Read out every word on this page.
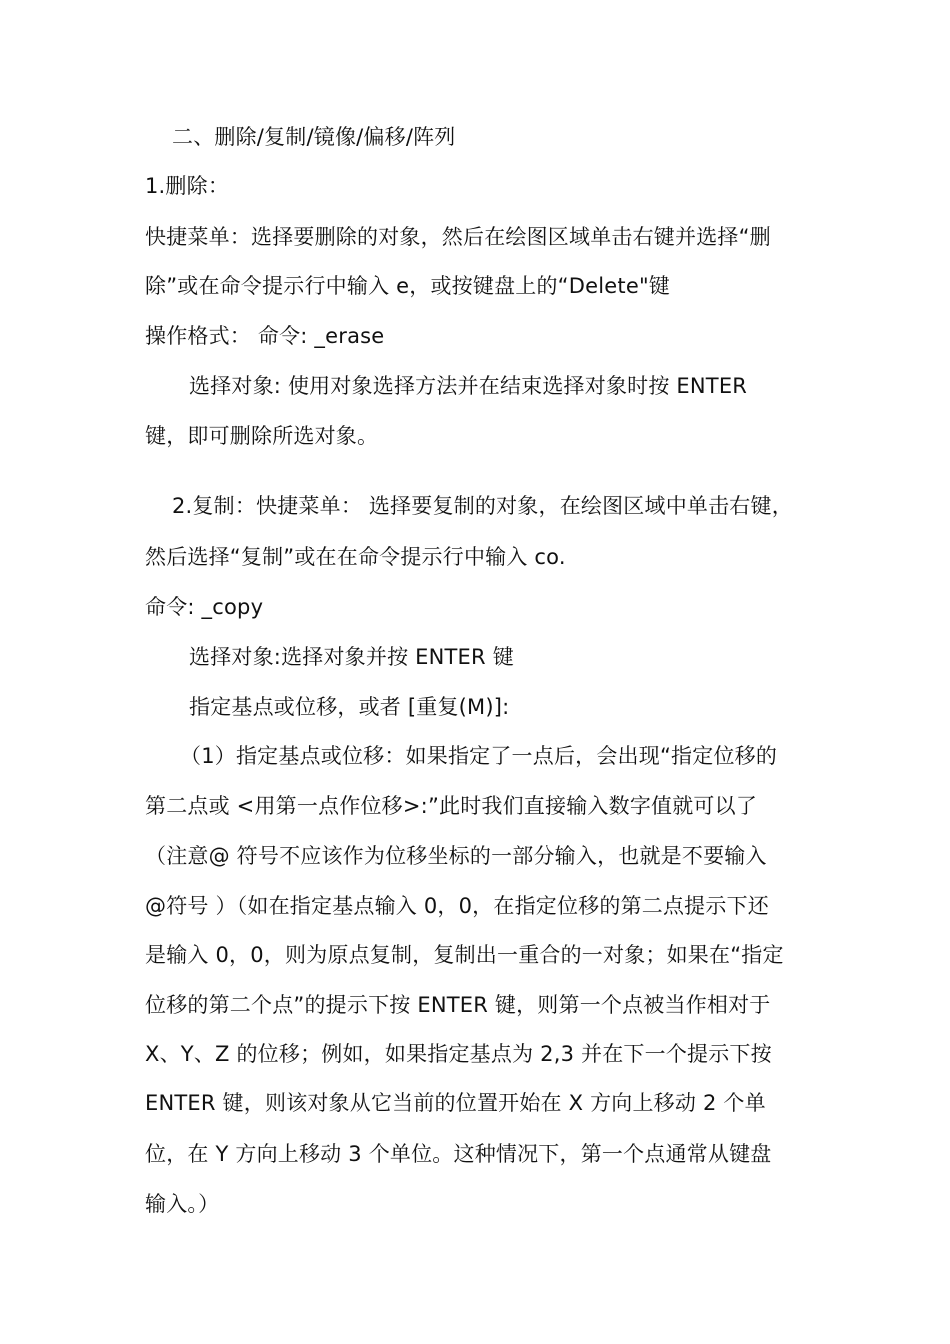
二、删除/复制/镜像/偏移/阵列
1.删除：
快捷菜单：选择要删除的对象，然后在绘图区域单击右键并选择“删
除”或在命令提示行中输入 e，或按键盘上的“Delete"键
操作格式： 命令: _erase
选择对象: 使用对象选择方法并在结束选择对象时按 ENTER
键，即可删除所选对象。
2.复制：快捷菜单： 选择要复制的对象，在绘图区域中单击右键，
然后选择“复制”或在在命令提示行中输入 co.
命令: _copy
选择对象:选择对象并按 ENTER 键
指定基点或位移，或者 [重复(M)]:
（1）指定基点或位移：如果指定了一点后，会出现“指定位移的
第二点或 <用第一点作位移>:”此时我们直接输入数字值就可以了
（注意@ 符号不应该作为位移坐标的一部分输入，也就是不要输入
@符号 ）（如在指定基点输入 0，0，在指定位移的第二点提示下还
是输入 0，0，则为原点复制，复制出一重合的一对象；如果在“指定
位移的第二个点”的提示下按 ENTER 键，则第一个点被当作相对于
X、Y、Z 的位移；例如，如果指定基点为 2,3 并在下一个提示下按
ENTER 键，则该对象从它当前的位置开始在 X 方向上移动 2 个单
位，在 Y 方向上移动 3 个单位。这种情况下，第一个点通常从键盘
输入。）
